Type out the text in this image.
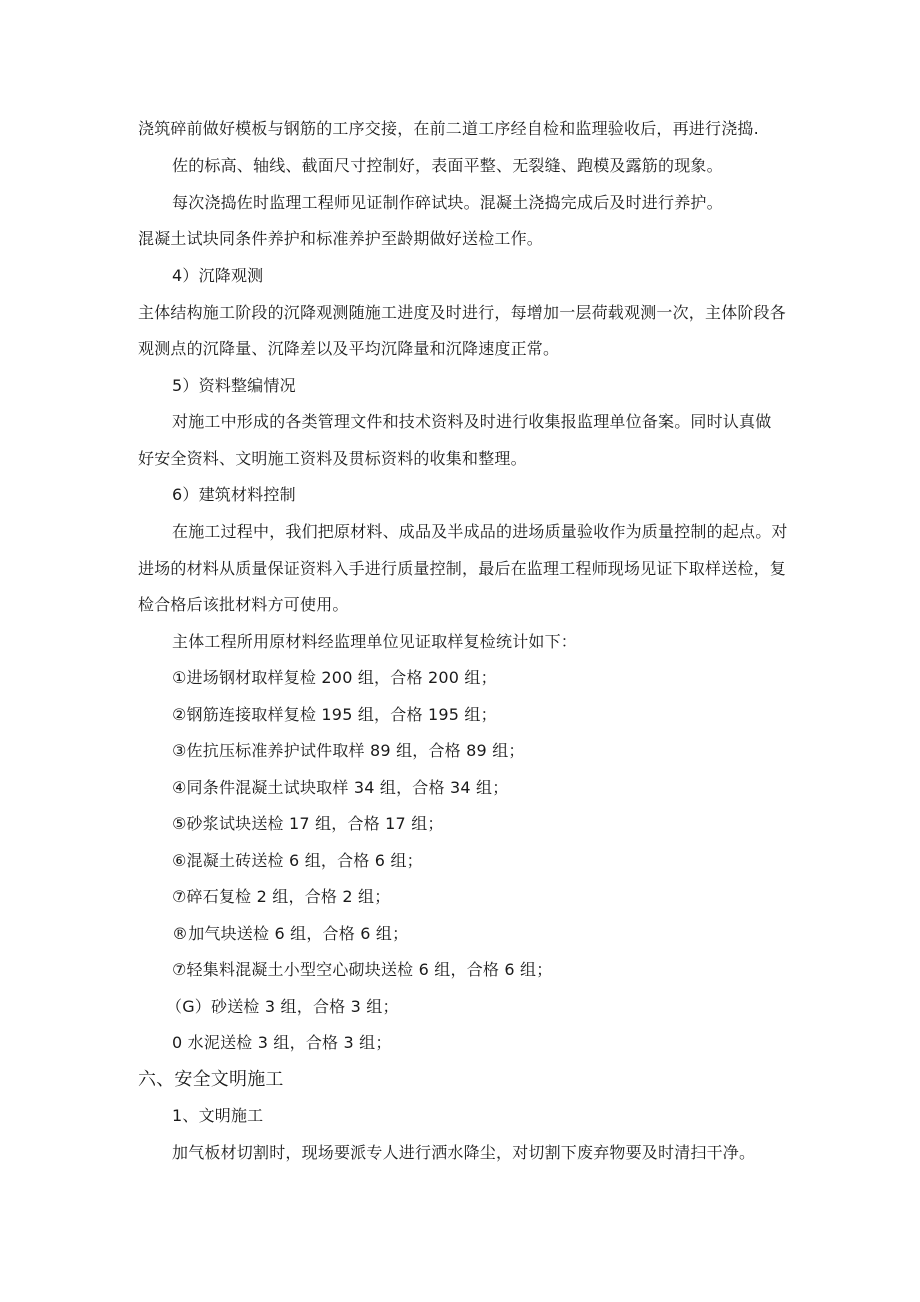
浇筑碎前做好模板与钢筋的工序交接，在前二道工序经自检和监理验收后，再进行浇捣.
佐的标高、轴线、截面尺寸控制好，表面平整、无裂缝、跑模及露筋的现象。
每次浇捣佐时监理工程师见证制作碎试块。混凝土浇捣完成后及时进行养护。
混凝土试块同条件养护和标准养护至龄期做好送检工作。
4）沉降观测
主体结构施工阶段的沉降观测随施工进度及时进行，每增加一层荷载观测一次，主体阶段各
观测点的沉降量、沉降差以及平均沉降量和沉降速度正常。
5）资料整编情况
对施工中形成的各类管理文件和技术资料及时进行收集报监理单位备案。同时认真做
好安全资料、文明施工资料及贯标资料的收集和整理。
6）建筑材料控制
在施工过程中，我们把原材料、成品及半成品的进场质量验收作为质量控制的起点。对
进场的材料从质量保证资料入手进行质量控制，最后在监理工程师现场见证下取样送检，复
检合格后该批材料方可使用。
主体工程所用原材料经监理单位见证取样复检统计如下：
①进场钢材取样复检 200 组，合格 200 组；
②钢筋连接取样复检 195 组，合格 195 组；
③佐抗压标准养护试件取样 89 组，合格 89 组；
④同条件混凝土试块取样 34 组，合格 34 组；
⑤砂浆试块送检 17 组，合格 17 组；
⑥混凝土砖送检 6 组，合格 6 组；
⑦碎石复检 2 组，合格 2 组；
®加气块送检 6 组，合格 6 组；
⑦轻集料混凝土小型空心砌块送检 6 组，合格 6 组；
（G）砂送检 3 组，合格 3 组；
0 水泥送检 3 组，合格 3 组；
六、安全文明施工
1、文明施工
加气板材切割时，现场要派专人进行洒水降尘，对切割下废弃物要及时清扫干净。
